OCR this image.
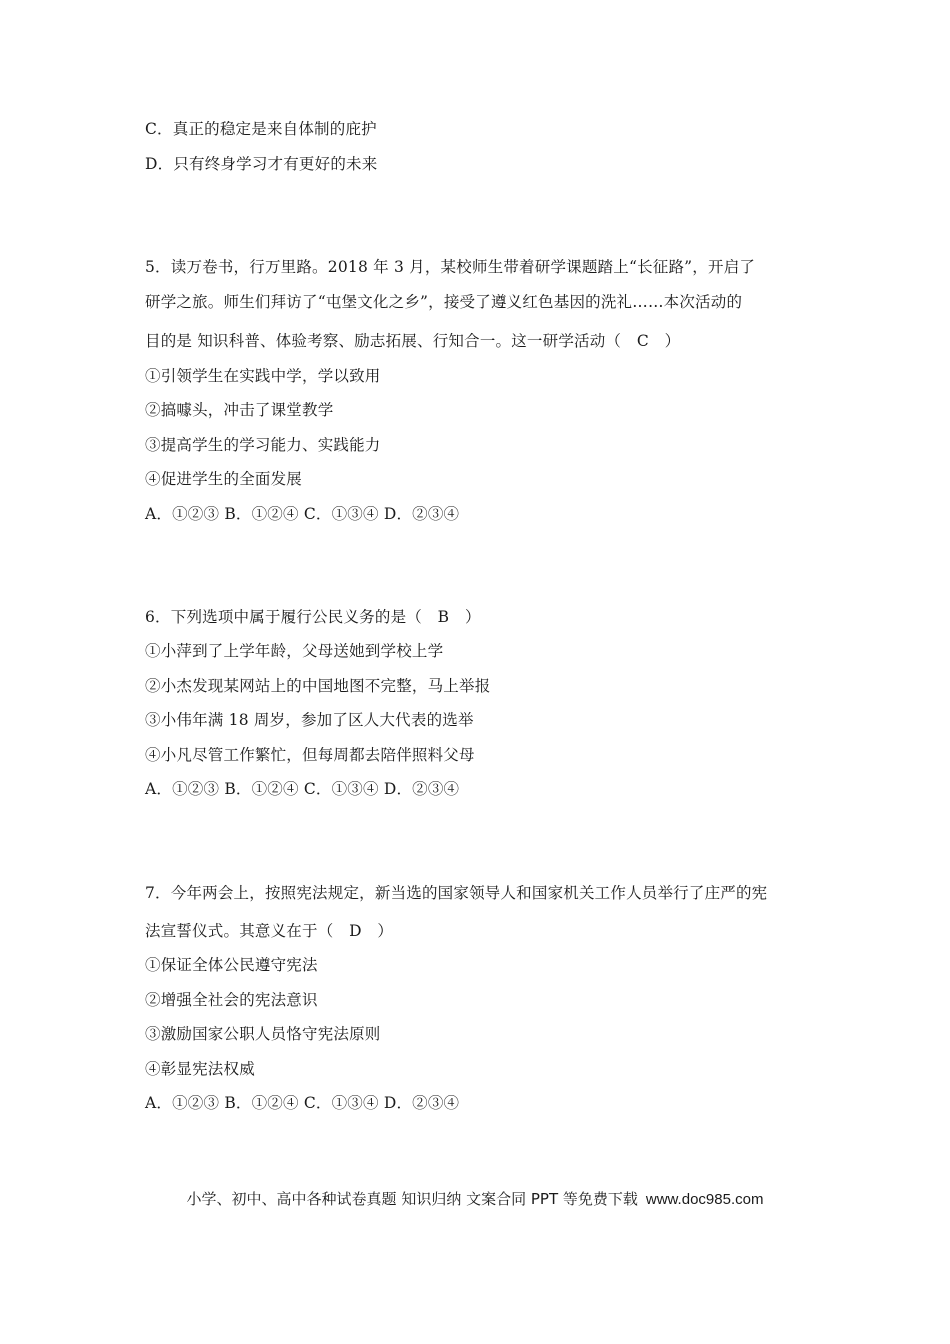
C．真正的稳定是来自体制的庇护
D．只有终身学习才有更好的未来
5．读万卷书，行万里路。2018 年 3 月，某校师生带着研学课题踏上“长征路”，开启了
研学之旅。师生们拜访了“屯堡文化之乡”，接受了遵义红色基因的洗礼……本次活动的
目的是 知识科普、体验考察、励志拓展、行知合一。这一研学活动（　C　）
①引领学生在实践中学，学以致用
②搞噱头，冲击了课堂教学
③提高学生的学习能力、实践能力
④促进学生的全面发展
A．①②③ B．①②④ C．①③④ D．②③④
6．下列选项中属于履行公民义务的是（　B　）
①小萍到了上学年龄，父母送她到学校上学
②小杰发现某网站上的中国地图不完整，马上举报
③小伟年满 18 周岁，参加了区人大代表的选举
④小凡尽管工作繁忙，但每周都去陪伴照料父母
A．①②③ B．①②④ C．①③④ D．②③④
7．今年两会上，按照宪法规定，新当选的国家领导人和国家机关工作人员举行了庄严的宪
法宣誓仪式。其意义在于（　D　）
①保证全体公民遵守宪法
②增强全社会的宪法意识
③激励国家公职人员恪守宪法原则
④彰显宪法权威
A．①②③ B．①②④ C．①③④ D．②③④
小学、初中、高中各种试卷真题 知识归纳 文案合同 PPT 等免费下载 www.doc985.com
